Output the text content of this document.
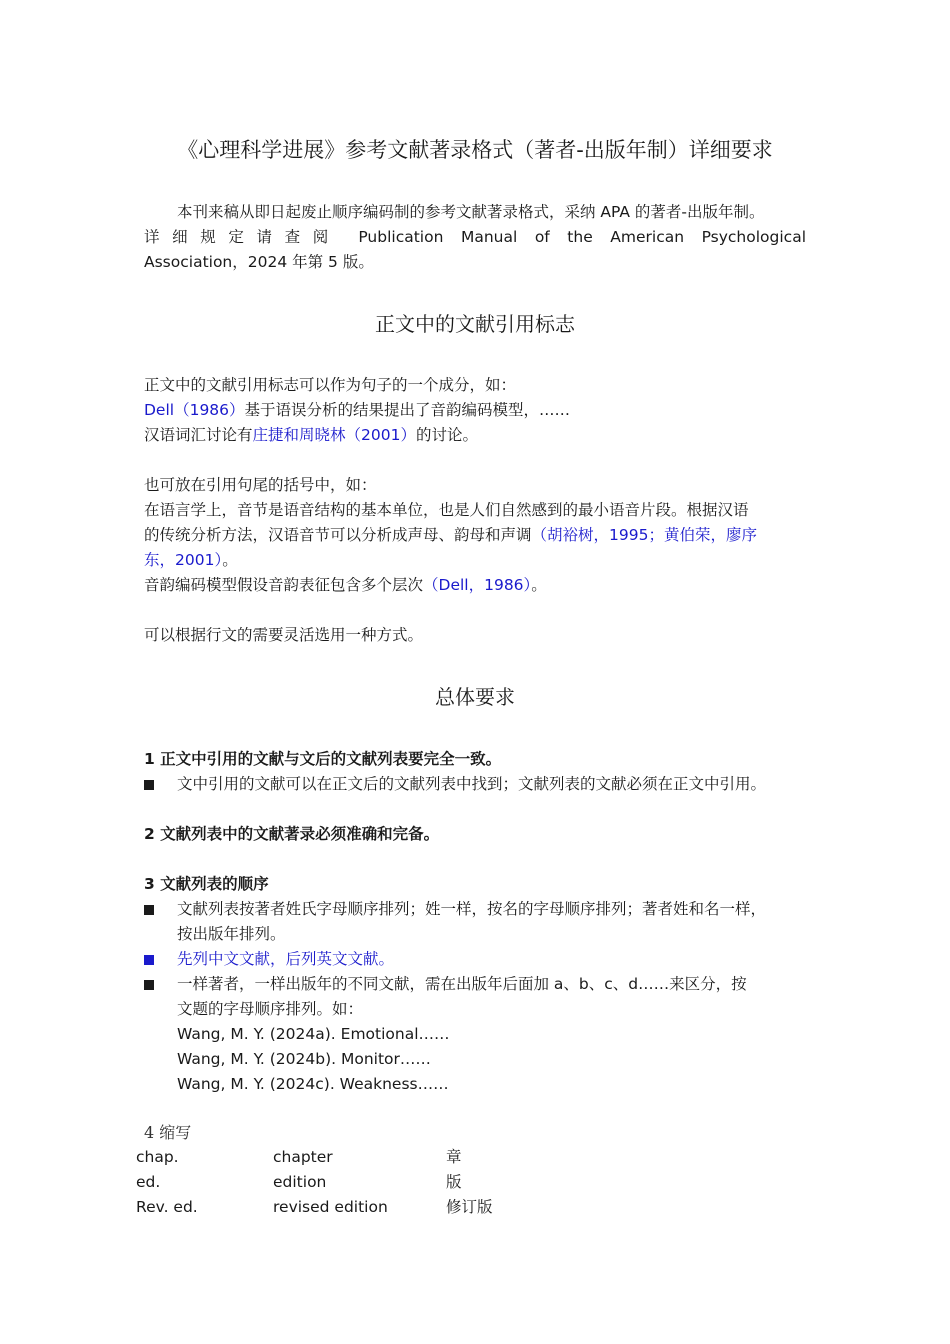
《心理科学进展》参考文献著录格式（著者-出版年制）详细要求
本刊来稿从即日起废止顺序编码制的参考文献著录格式，采纳 APA 的著者-出版年制。
详细规定请查阅 Publication Manual of the American Psychological
Association，2024 年第 5 版。
正文中的文献引用标志
正文中的文献引用标志可以作为句子的一个成分，如：
Dell（1986）基于语误分析的结果提出了音韵编码模型，……
汉语词汇讨论有庄捷和周晓林（2001）的讨论。
也可放在引用句尾的括号中，如：
在语言学上，音节是语音结构的基本单位，也是人们自然感到的最小语音片段。根据汉语
的传统分析方法，汉语音节可以分析成声母、韵母和声调（胡裕树，1995；黄伯荣，廖序
东，2001）。
音韵编码模型假设音韵表征包含多个层次（Dell，1986）。
可以根据行文的需要灵活选用一种方式。
总体要求
1 正文中引用的文献与文后的文献列表要完全一致。
文中引用的文献可以在正文后的文献列表中找到；文献列表的文献必须在正文中引用。
2 文献列表中的文献著录必须准确和完备。
3 文献列表的顺序
文献列表按著者姓氏字母顺序排列；姓一样，按名的字母顺序排列；著者姓和名一样，
按出版年排列。
先列中文文献，后列英文文献。
一样著者，一样出版年的不同文献，需在出版年后面加 a、b、c、d……来区分，按
文题的字母顺序排列。如：
Wang, M. Y. (2024a). Emotional……
Wang, M. Y. (2024b). Monitor……
Wang, M. Y. (2024c). Weakness……
4 缩写
chap.	chapter	章
ed.	edition	版
Rev. ed.	revised edition	修订版
